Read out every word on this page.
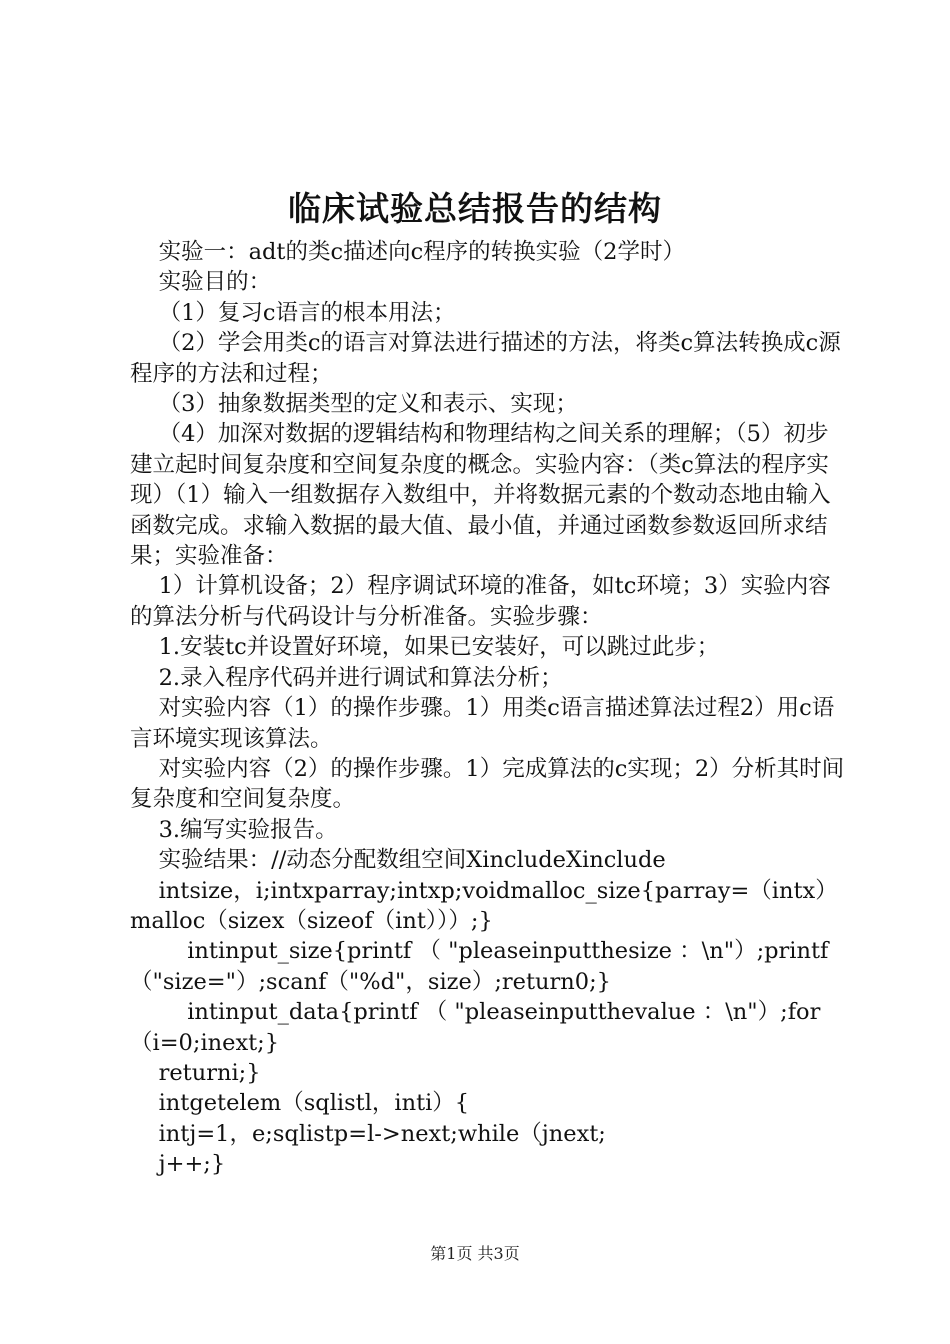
临床试验总结报告的结构

实验一：adt的类c描述向c程序的转换实验（2学时）

实验目的：

（1）复习c语言的根本用法；

（2）学会用类c的语言对算法进行描述的方法，将类c算法转换成c源程序的方法和过程；

（3）抽象数据类型的定义和表示、实现；

（4）加深对数据的逻辑结构和物理结构之间关系的理解；（5）初步建立起时间复杂度和空间复杂度的概念。实验内容：（类c算法的程序实现）（1）输入一组数据存入数组中，并将数据元素的个数动态地由输入函数完成。求输入数据的最大值、最小值，并通过函数参数返回所求结果；实验准备：

1）计算机设备；2）程序调试环境的准备，如tc环境；3）实验内容的算法分析与代码设计与分析准备。实验步骤：

1.安装tc并设置好环境，如果已安装好，可以跳过此步；

2.录入程序代码并进行调试和算法分析；

对实验内容（1）的操作步骤。1）用类c语言描述算法过程2）用c语言环境实现该算法。

对实验内容（2）的操作步骤。1）完成算法的c实现；2）分析其时间复杂度和空间复杂度。

3.编写实验报告。

实验结果：//动态分配数组空间XincludeXinclude

intsize，i;intxparray;intxp;voidmalloc_size{parray=（intx）malloc（sizex（sizeof（int）））;}

intinput_size{printf （ "pleaseinputthesize ：\n"）;printf（"size="）;scanf（"%d"，size）;return0;}

intinput_data{printf （ "pleaseinputthevalue ：\n"）;for（i=0;inext;}

returni;}

intgetelem（sqlistl，inti）{

intj=1，e;sqlistp=l->next;while（jnext;

j++;}

第1页 共3页
